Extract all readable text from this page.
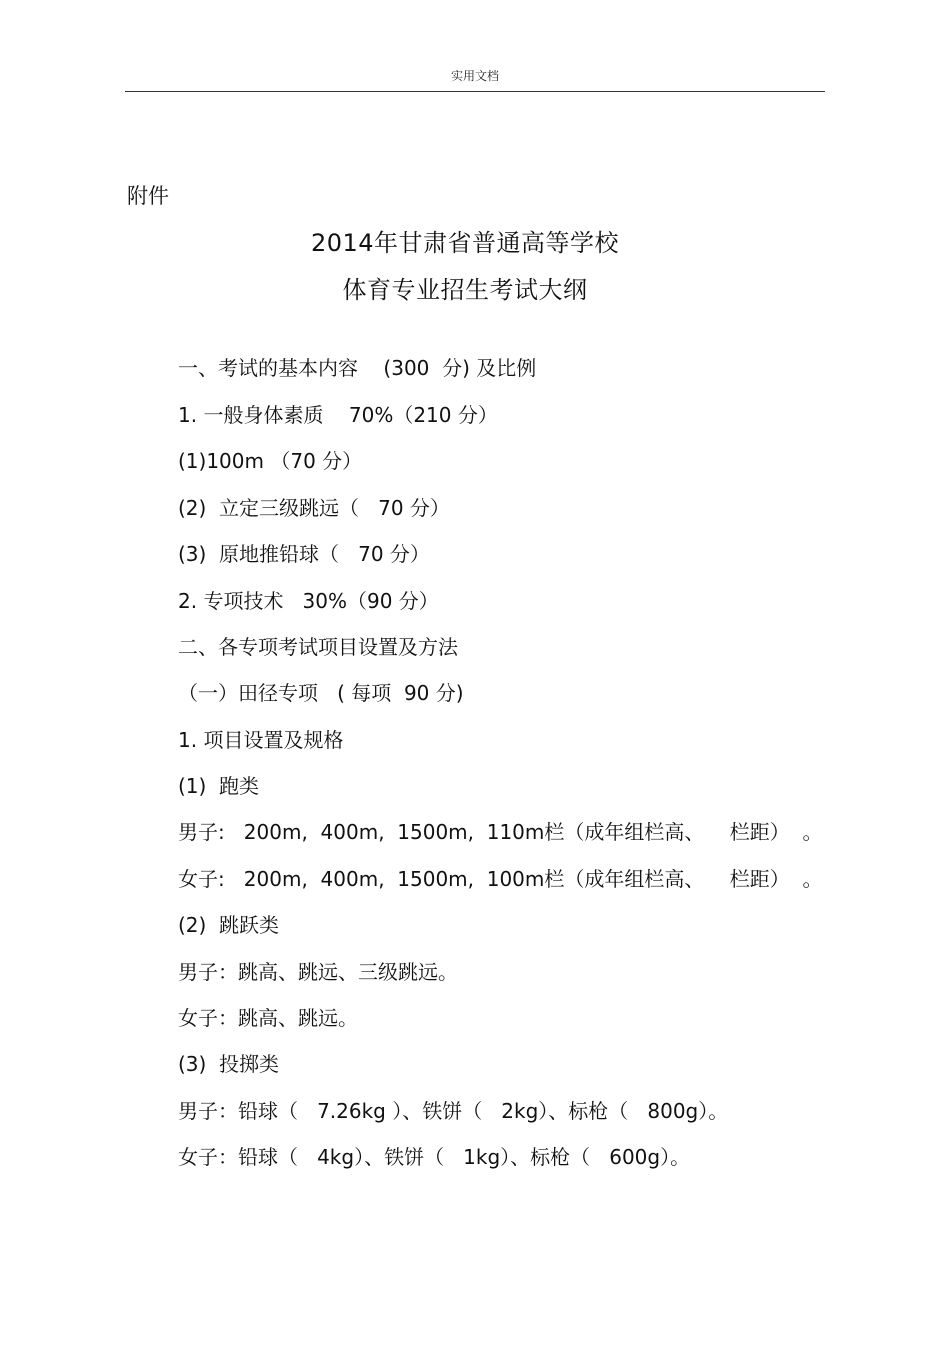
实用文档
附件
2014年甘肃省普通高等学校
体育专业招生考试大纲
一、考试的基本内容    (300  分) 及比例
1. 一般身体素质    70%（210 分）
(1)100m （70 分）
(2)  立定三级跳远（   70 分）
(3)  原地推铅球（   70 分）
2. 专项技术   30%（90 分）
二、各专项考试项目设置及方法
（一）田径专项   ( 每项  90 分)
1. 项目设置及规格
(1)  跑类
男子:   200m,  400m,  1500m,  110m栏（成年组栏高、    栏距）  。
女子:   200m,  400m,  1500m,  100m栏（成年组栏高、    栏距）  。
(2)  跳跃类
男子：跳高、跳远、三级跳远。
女子：跳高、跳远。
(3)  投掷类
男子：铅球（   7.26kg ）、铁饼（   2kg）、标枪（   800g）。
女子：铅球（   4kg）、铁饼（   1kg）、标枪（   600g）。
